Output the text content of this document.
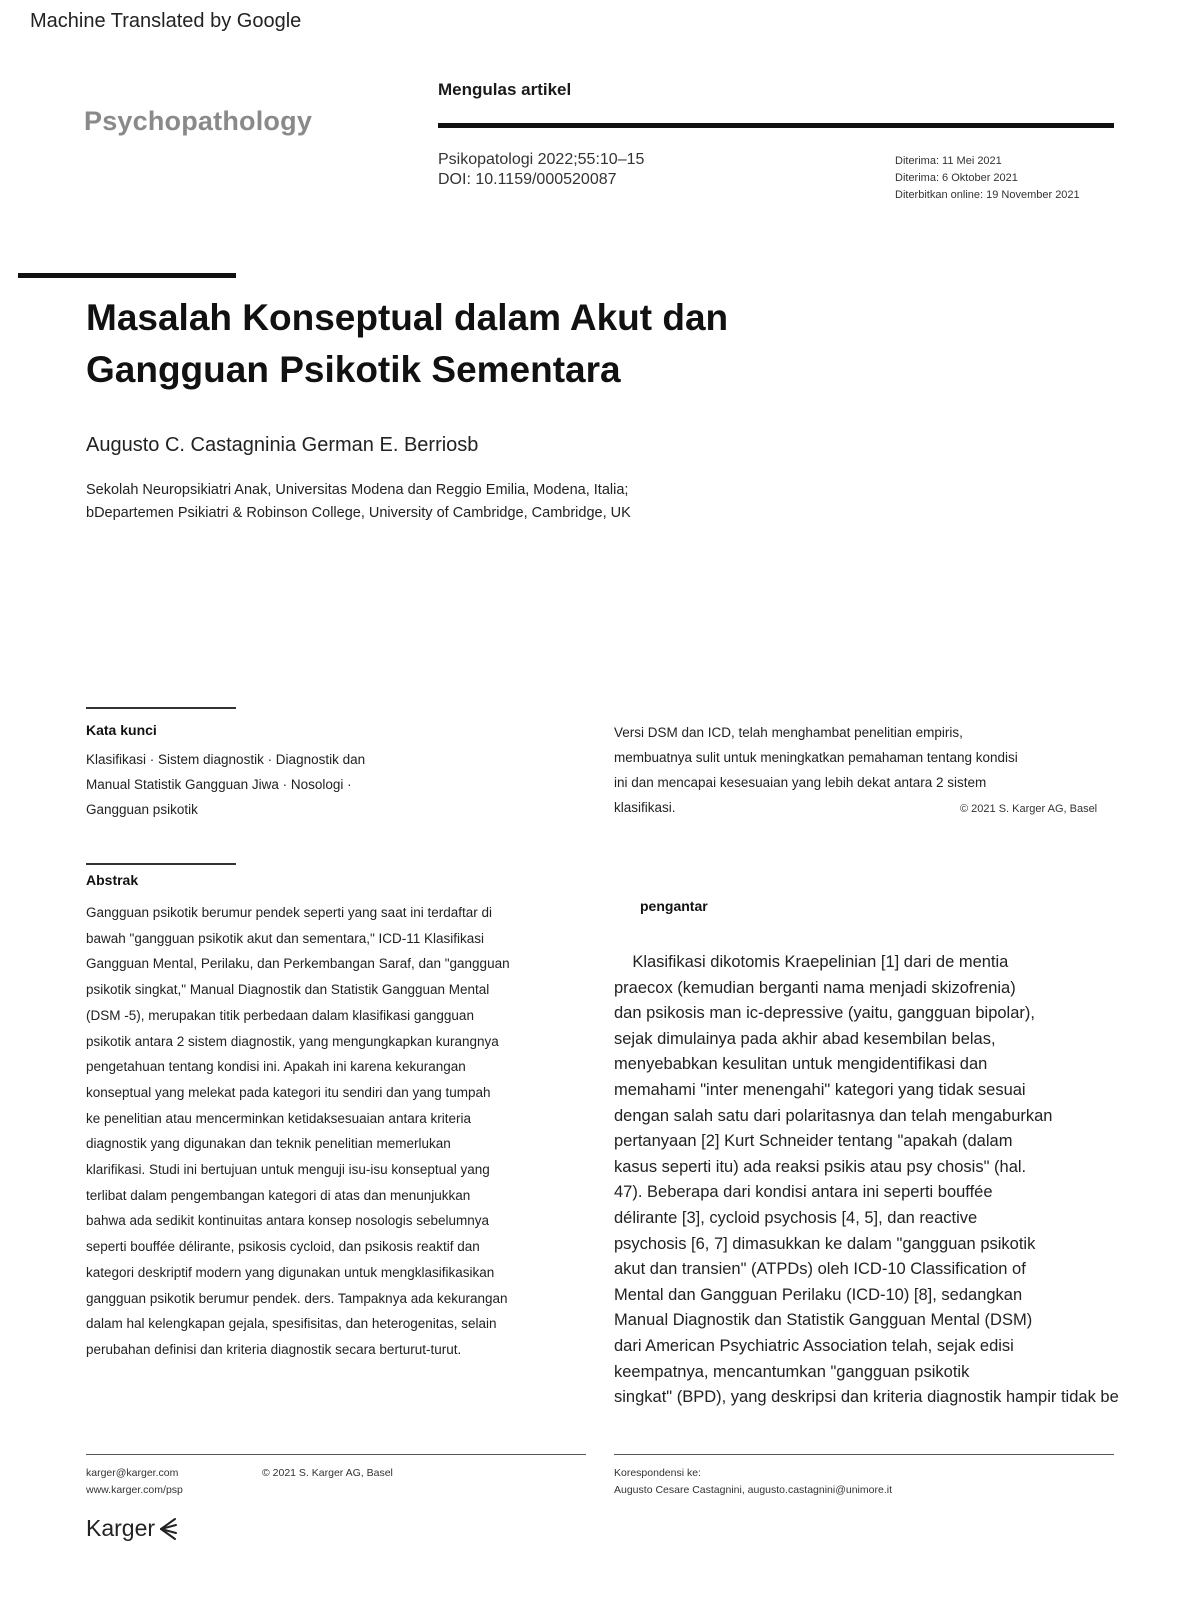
Machine Translated by Google
Psychopathology
Mengulas artikel
Psikopatologi 2022;55:10–15
DOI: 10.1159/000520087
Diterima: 11 Mei 2021
Diterima: 6 Oktober 2021
Diterbitkan online: 19 November 2021
Masalah Konseptual dalam Akut dan
Gangguan Psikotik Sementara
Augusto C. Castagninia German E. Berriosb
Sekolah Neuropsikiatri Anak, Universitas Modena dan Reggio Emilia, Modena, Italia;
bDepartemen Psikiatri & Robinson College, University of Cambridge, Cambridge, UK
Kata kunci
Klasifikasi · Sistem diagnostik · Diagnostik dan
Manual Statistik Gangguan Jiwa · Nosologi ·
Gangguan psikotik
Versi DSM dan ICD, telah menghambat penelitian empiris,
membuatnya sulit untuk meningkatkan pemahaman tentang kondisi
ini dan mencapai kesesuaian yang lebih dekat antara 2 sistem
klasifikasi.	© 2021 S. Karger AG, Basel
Abstrak
Gangguan psikotik berumur pendek seperti yang saat ini terdaftar di
bawah "gangguan psikotik akut dan sementara," ICD-11 Klasifikasi
Gangguan Mental, Perilaku, dan Perkembangan Saraf, dan "gangguan
psikotik singkat," Manual Diagnostik dan Statistik Gangguan Mental
(DSM -5), merupakan titik perbedaan dalam klasifikasi gangguan
psikotik antara 2 sistem diagnostik, yang mengungkapkan kurangnya
pengetahuan tentang kondisi ini. Apakah ini karena kekurangan
konseptual yang melekat pada kategori itu sendiri dan yang tumpah
ke penelitian atau mencerminkan ketidaksesuaian antara kriteria
diagnostik yang digunakan dan teknik penelitian memerlukan
klarifikasi. Studi ini bertujuan untuk menguji isu-isu konseptual yang
terlibat dalam pengembangan kategori di atas dan menunjukkan
bahwa ada sedikit kontinuitas antara konsep nosologis sebelumnya
seperti bouffée délirante, psikosis cycloid, dan psikosis reaktif dan
kategori deskriptif modern yang digunakan untuk mengklasifikasikan
gangguan psikotik berumur pendek. ders. Tampaknya ada kekurangan
dalam hal kelengkapan gejala, spesifisitas, dan heterogenitas, selain
perubahan definisi dan kriteria diagnostik secara berturut-turut.
pengantar
Klasifikasi dikotomis Kraepelinian [1] dari de mentia
praecox (kemudian berganti nama menjadi skizofrenia)
dan psikosis man ic-depressive (yaitu, gangguan bipolar),
sejak dimulainya pada akhir abad kesembilan belas,
menyebabkan kesulitan untuk mengidentifikasi dan
memahami "inter menengahi" kategori yang tidak sesuai
dengan salah satu dari polaritasnya dan telah mengaburkan
pertanyaan [2] Kurt Schneider tentang "apakah (dalam
kasus seperti itu) ada reaksi psikis atau psy chosis" (hal.
47). Beberapa dari kondisi antara ini seperti bouffée
délirante [3], cycloid psychosis [4, 5], dan reactive
psychosis [6, 7] dimasukkan ke dalam "gangguan psikotik
akut dan transien" (ATPDs) oleh ICD-10 Classification of
Mental dan Gangguan Perilaku (ICD-10) [8], sedangkan
Manual Diagnostik dan Statistik Gangguan Mental (DSM)
dari American Psychiatric Association telah, sejak edisi
keempatnya, mencantumkan "gangguan psikotik
singkat" (BPD), yang deskripsi dan kriteria diagnostik hampir tidak be
karger@karger.com
www.karger.com/psp
© 2021 S. Karger AG, Basel	Korespondensi ke:
Augusto Cesare Castagnini, augusto.castagnini@unimore.it
Karger
